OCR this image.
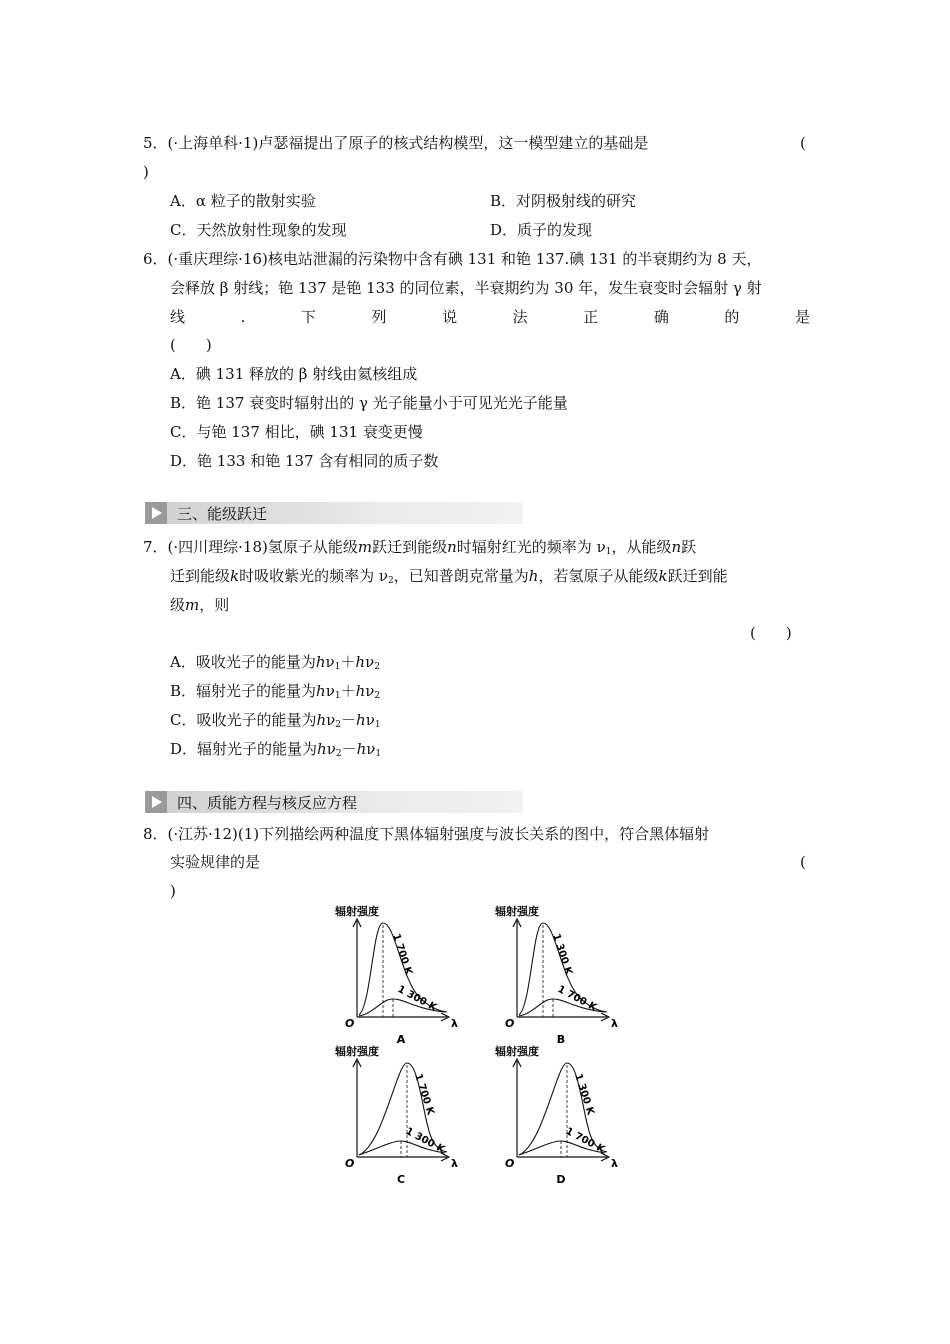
5．(·上海单科·1)卢瑟福提出了原子的核式结构模型，这一模型建立的基础是	(
)
A．α 粒子的散射实验	B．对阴极射线的研究
C．天然放射性现象的发现	D．质子的发现
6．(·重庆理综·16)核电站泄漏的污染物中含有碘 131 和铯 137.碘 131 的半衰期约为 8 天，
会释放 β 射线；铯 137 是铯 133 的同位素，半衰期约为 30 年，发生衰变时会辐射 γ 射
线	.	下	列	说	法	正	确	的	是
(　　)
A．碘 131 释放的 β 射线由氦核组成
B．铯 137 衰变时辐射出的 γ 光子能量小于可见光光子能量
C．与铯 137 相比，碘 131 衰变更慢
D．铯 133 和铯 137 含有相同的质子数
三、能级跃迁
7．(·四川理综·18)氢原子从能级m跃迁到能级n时辐射红光的频率为 $\nu_1$，从能级n跃
迁到能级k时吸收紫光的频率为 $\nu_2$，已知普朗克常量为h，若氢原子从能级k跃迁到能
级m，则
(　　)
A．吸收光子的能量为$h\nu_1+h\nu_2$
B．辐射光子的能量为$h\nu_1+h\nu_2$
C．吸收光子的能量为$h\nu_2-h\nu_1$
D．辐射光子的能量为$h\nu_2-h\nu_1$
四、质能方程与核反应方程
8．(·江苏·12)(1)下列描绘两种温度下黑体辐射强度与波长关系的图中，符合黑体辐射
实验规律的是	(
)
辐射强度
O	λ
A
1 700 K
1 300 K
辐射强度
O	λ
B
1 300 K
1 700 K
辐射强度
O	λ
C
1 700 K
1 300 K
辐射强度
O	λ
D
1 300 K
1 700 K
